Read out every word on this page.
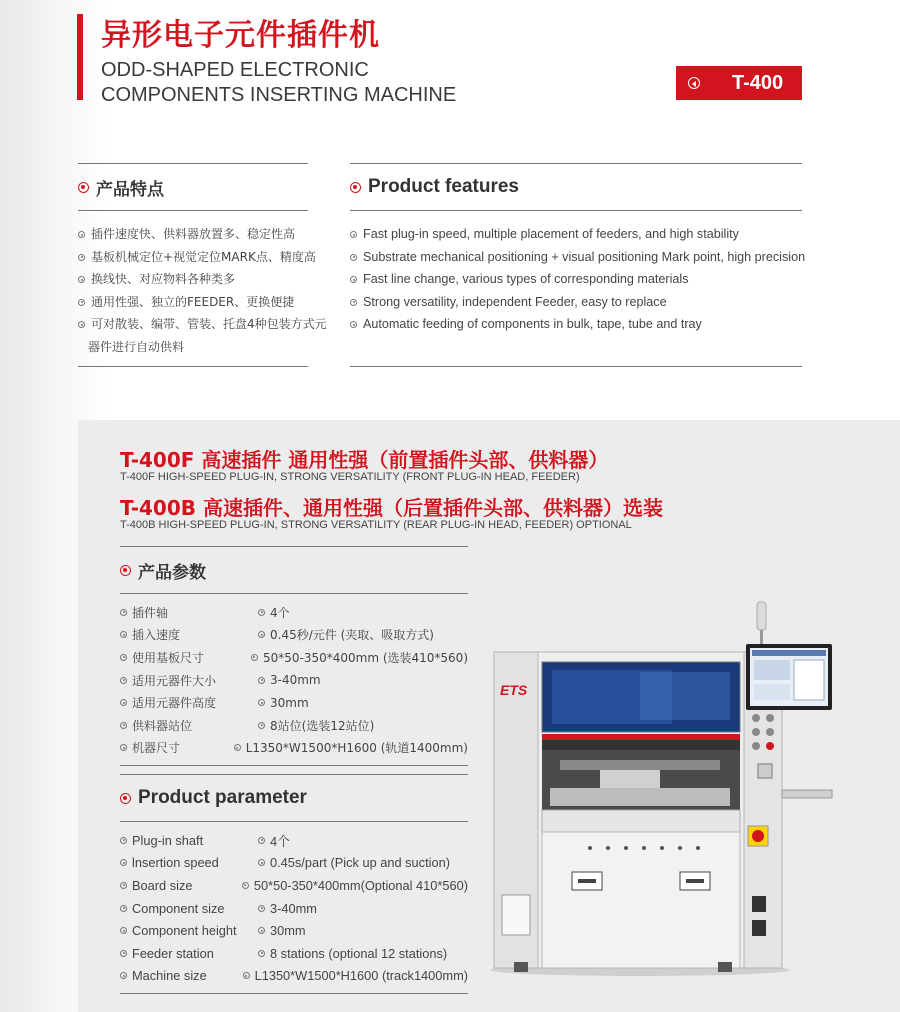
异形电子元件插件机
ODD-SHAPED ELECTRONIC
COMPONENTS INSERTING MACHINE
T-400
产品特点
插件速度快、供料器放置多、稳定性高
基板机械定位+视觉定位MARK点、精度高
换线快、对应物料各种类多
通用性强、独立的FEEDER、更换便捷
可对散装、编带、管装、托盘4种包装方式元
器件进行自动供料
Product features
Fast plug-in speed, multiple placement of feeders, and high stability
Substrate mechanical positioning + visual positioning Mark point, high precision
Fast line change, various types of corresponding materials
Strong versatility, independent Feeder, easy to replace
Automatic feeding of components in bulk, tape, tube and tray
T-400F 高速插件 通用性强（前置插件头部、供料器）
T-400F HIGH-SPEED PLUG-IN, STRONG VERSATILITY (FRONT PLUG-IN HEAD, FEEDER)
T-400B 高速插件、通用性强（后置插件头部、供料器）选装
T-400B HIGH-SPEED PLUG-IN, STRONG VERSATILITY (REAR PLUG-IN HEAD, FEEDER) OPTIONAL
产品参数
插件轴	4个
插入速度	0.45秒/元件 (夹取、吸取方式)
使用基板尺寸	50*50-350*400mm (选装410*560)
适用元器件大小	3-40mm
适用元器件高度	30mm
供料器站位	8站位(选装12站位)
机器尺寸	L1350*W1500*H1600 (轨道1400mm)
Product parameter
Plug-in shaft	4个
lnsertion speed	0.45s/part (Pick up and suction)
Board size	50*50-350*400mm(Optional 410*560)
Component size	3-40mm
Component height	30mm
Feeder station	8 stations (optional 12 stations)
Machine size	L1350*W1500*H1600 (track1400mm)
ETS
